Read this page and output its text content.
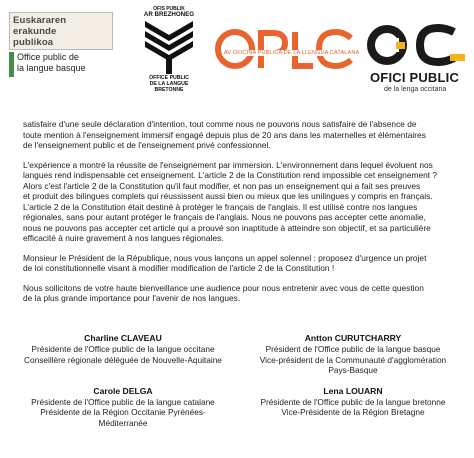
Euskararen
erakunde
publikoa
Office public de
la langue basque
OFIS PUBLIK
AR BREZHONEG
OFFICE PUBLIC
DE LA LANGUE
BRETONNE
AV OFICINA PÚBLICA DE LA LLENGUA CATALANA
OFICI PUBLIC
de la lenga occitana

satisfaire d'une seule déclaration d'intention, tout comme nous ne pouvons nous satisfaire de l'absence de
toute mention à l'enseignement immersif engagé depuis plus de 20 ans dans les maternelles et élémentaires
de l'enseignement public et de l'enseignement privé confessionnel.

L'expérience a montré la réussite de l'enseignement par immersion. L'environnement dans lequel évoluent nos
langues rend indispensable cet enseignement. L'article 2 de la Constitution rend impossible cet enseignement ?
Alors c'est l'article 2 de la Constitution qu'il faut modifier, et non pas un enseignement qui a fait ses preuves
et produit des bilingues complets qui réussissent aussi bien ou mieux que les unilingues y compris en français.
L'article 2 de la Constitution était destiné à protéger le français de l'anglais. Il est utilisé contre nos langues
régionales, sans pour autant protéger le français de l'anglais. Nous ne pouvons pas accepter cette anomalie,
nous ne pouvons pas accepter cet article qui a prouvé son inaptitude à atteindre son objectif, et sa particulière
efficacité à nuire gravement à nos langues régionales.

Monsieur le Président de la République, nous vous lançons un appel solennel : proposez d'urgence un projet
de loi constitutionnelle visant à modifier modification de l'article 2 de la Constitution !

Nous sollicitons de votre haute bienveillance une audience pour nous entretenir avec vous de cette question
de la plus grande importance pour l'avenir de nos langues.

Charline CLAVEAU
Présidente de l'Office public de la langue occitane
Conseillère régionale déléguée de Nouvelle-Aquitaine
Antton CURUTCHARRY
Président de l'Office public de la langue basque
Vice-président de la Communauté d'agglomération
Pays-Basque
Carole DELGA
Présidente de l'Office public de la langue catalane
Présidente de la Région Occitanie Pyrénées-
Méditerranée
Lena LOUARN
Présidente de l'Office public de la langue bretonne
Vice-Présidente de la Région Bretagne
